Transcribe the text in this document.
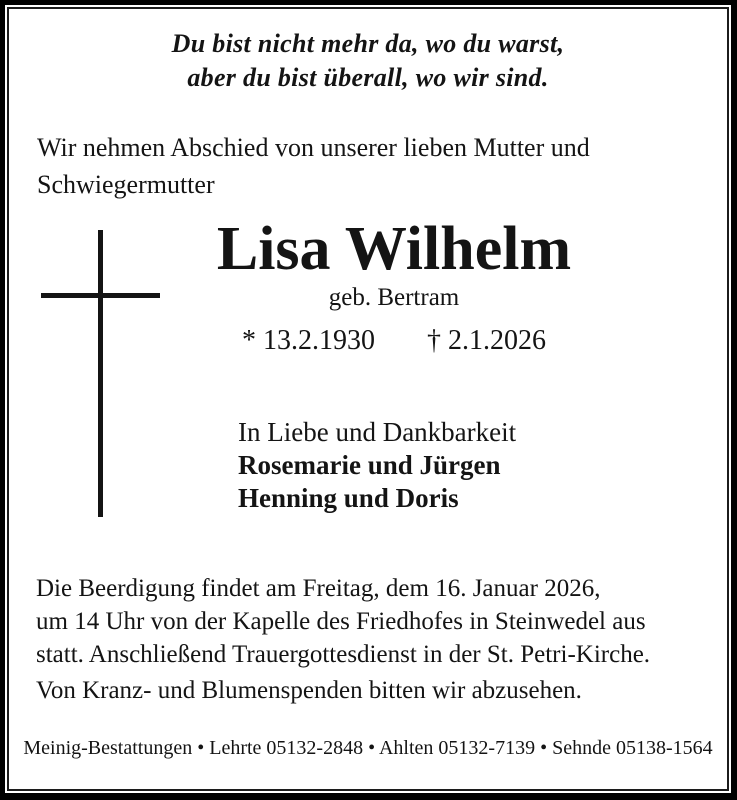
Du bist nicht mehr da, wo du warst,
aber du bist überall, wo wir sind.
Wir nehmen Abschied von unserer lieben Mutter und
Schwiegermutter
Lisa Wilhelm
geb. Bertram
* 13.2.1930 † 2.1.2026
In Liebe und Dankbarkeit
Rosemarie und Jürgen
Henning und Doris
Die Beerdigung findet am Freitag, dem 16. Januar 2026,
um 14 Uhr von der Kapelle des Friedhofes in Steinwedel aus
statt. Anschließend Trauergottesdienst in der St. Petri-Kirche.
Von Kranz- und Blumenspenden bitten wir abzusehen.
Meinig-Bestattungen • Lehrte 05132-2848 • Ahlten 05132-7139 • Sehnde 05138-1564
